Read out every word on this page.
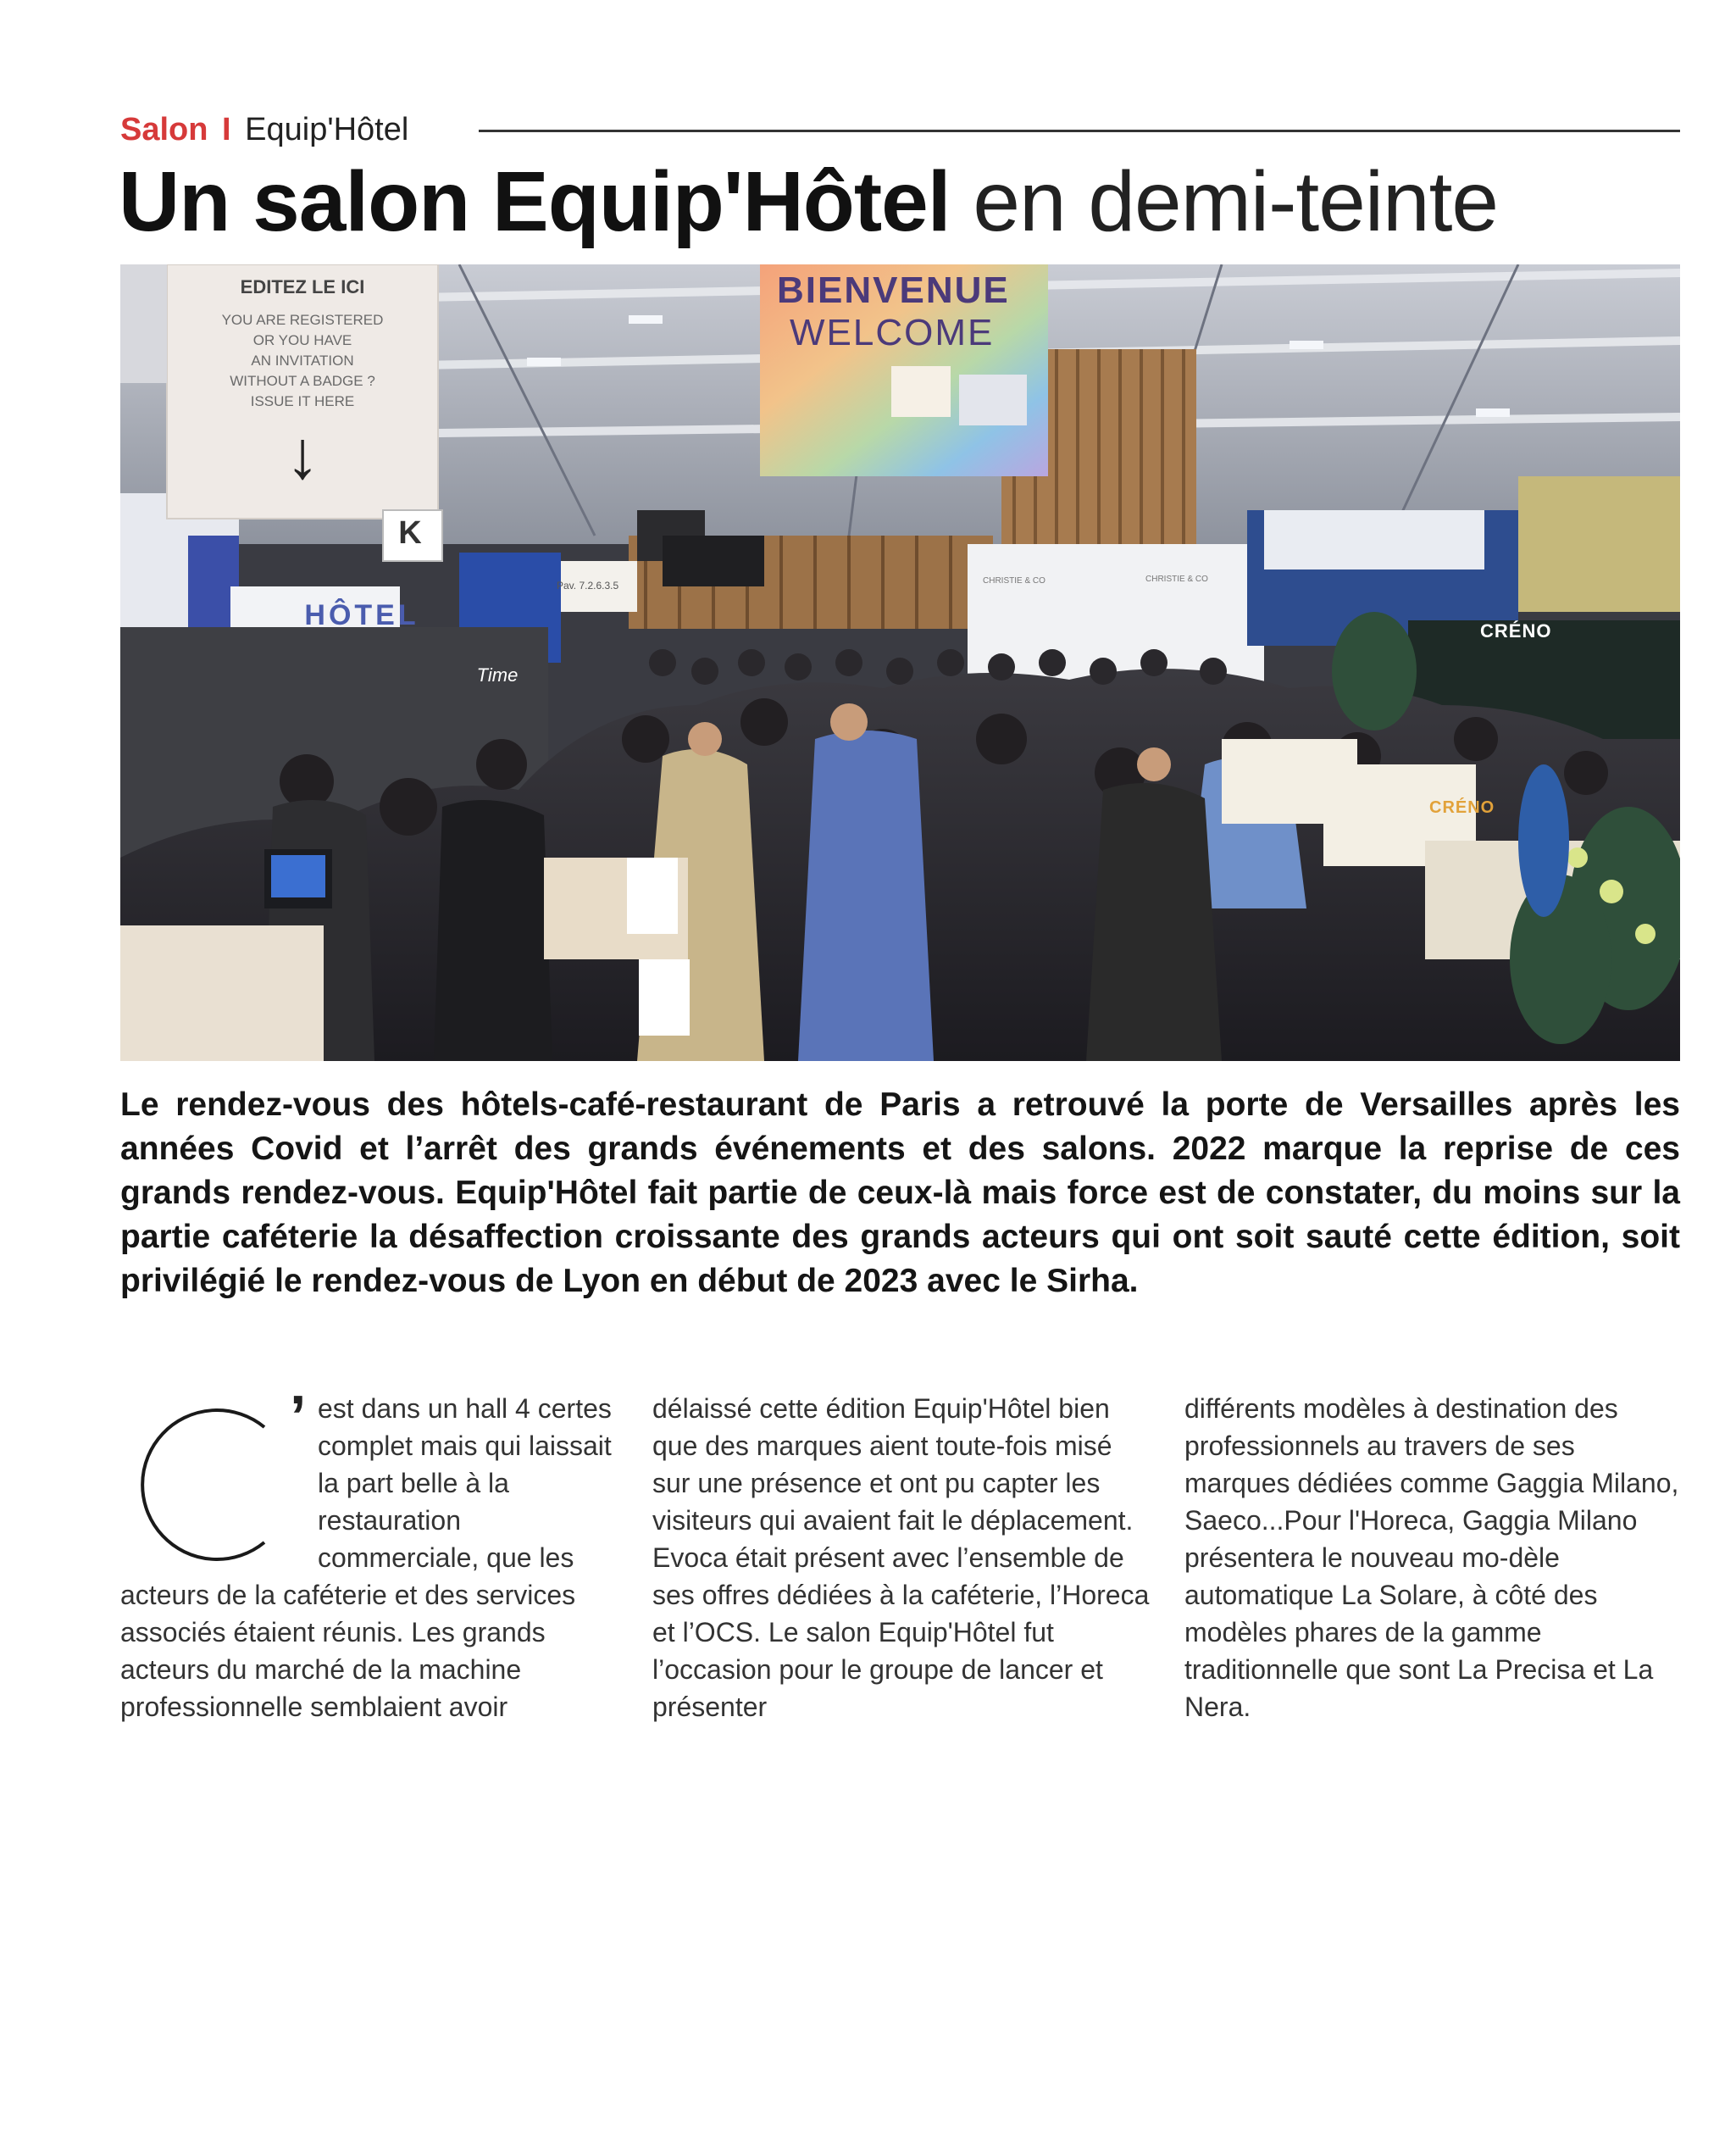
Salon I Equip'Hôtel
Un salon Equip'Hôtel en demi-teinte
EDITEZ LE ICI
YOU ARE REGISTERED
OR YOU HAVE
AN INVITATION
WITHOUT A BADGE ?
ISSUE IT HERE
↓
K
BIENVENUE
WELCOME
CRÉNO
CRÉNO
CHRISTIE & CO	CHRISTIE & CO
HÔTEL
Time
Pav. 7.2.6.3.5

Le rendez-vous des hôtels-café-restaurant de Paris a retrouvé la porte de Versailles après les années Covid et l’arrêt des grands événements et des salons. 2022 marque la reprise de ces grands rendez-vous. Equip'Hôtel fait partie de ceux-là mais force est de constater, du moins sur la partie caféterie la désaffection croissante des grands acteurs qui ont soit sauté cette édition, soit privilégié le rendez-vous de Lyon en début de 2023 avec le Sirha.

’ est dans un hall 4 certes complet mais qui laissait la part belle à la restauration commerciale, que les acteurs de la caféterie et des services associés étaient réunis. Les grands acteurs du marché de la machine professionnelle semblaient avoir
délaissé cette édition Equip'Hôtel bien que des marques aient toute-fois misé sur une présence et ont pu capter les visiteurs qui avaient fait le déplacement. Evoca était présent avec l’ensemble de ses offres dédiées à la caféterie, l’Horeca et l’OCS. Le salon Equip'Hôtel fut l’occasion pour le groupe de lancer et présenter
différents modèles à destination des professionnels au travers de ses marques dédiées comme Gaggia Milano, Saeco...Pour l'Horeca, Gaggia Milano présentera le nouveau mo-dèle automatique La Solare, à côté des modèles phares de la gamme traditionnelle que sont La Precisa et La Nera.
